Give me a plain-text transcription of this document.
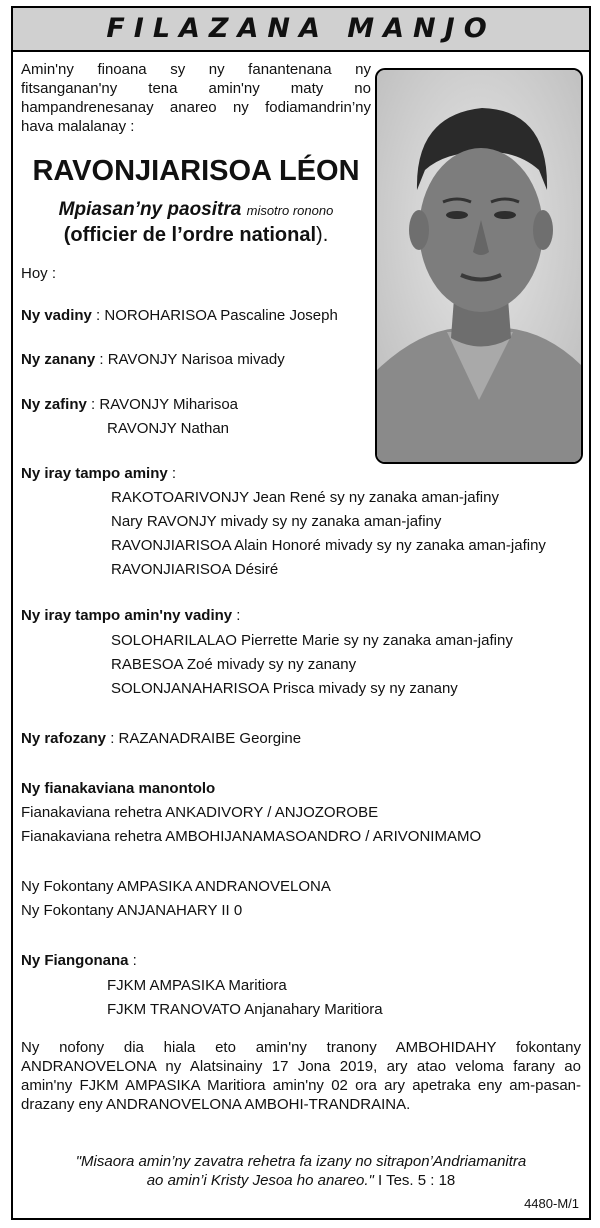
FILAZANA MANJO
Amin'ny finoana sy ny fanantenana ny fitsanganan'ny tena amin'ny maty no hampandrenesanay anareo ny fodiamandrin’ny hava malalanay :
RAVONJIARISOA LÉON
Mpiasan’ny paositra misotro ronono
(officier de l’ordre national).
Hoy :
Ny vadiny : NOROHARISOA Pascaline Joseph
Ny zanany : RAVONJY Narisoa mivady
Ny zafiny : RAVONJY Miharisoa
RAVONJY Nathan
Ny iray tampo aminy :
RAKOTOARIVONJY Jean René sy ny zanaka aman-jafiny
Nary RAVONJY mivady sy ny zanaka aman-jafiny
RAVONJIARISOA Alain Honoré mivady sy ny zanaka aman-jafiny
RAVONJIARISOA Désiré
Ny iray tampo amin'ny vadiny :
SOLOHARILALAO Pierrette Marie sy ny zanaka aman-jafiny
RABESOA Zoé mivady sy ny zanany
SOLONJANAHARISOA Prisca mivady sy ny zanany
Ny rafozany : RAZANADRAIBE Georgine
Ny fianakaviana manontolo
Fianakaviana rehetra ANKADIVORY / ANJOZOROBE
Fianakaviana rehetra AMBOHIJANAMASOANDRO / ARIVONIMAMO
Ny Fokontany AMPASIKA ANDRANOVELONA
Ny Fokontany ANJANAHARY II 0
Ny Fiangonana :
FJKM AMPASIKA Maritiora
FJKM TRANOVATO Anjanahary Maritiora
Ny nofony dia hiala eto amin'ny tranony AMBOHIDAHY fokontany ANDRANOVELONA ny Alatsinainy 17 Jona 2019, ary atao veloma farany ao amin'ny FJKM AMPASIKA Maritiora amin'ny 02 ora ary apetraka eny am-pasan-drazany eny ANDRANOVELONA AMBOHI-TRANDRAINA.
"Misaora amin’ny zavatra rehetra fa izany no sitrapon’Andriamanitra
ao amin’i Kristy Jesoa ho anareo." I Tes. 5 : 18
4480-M/1
